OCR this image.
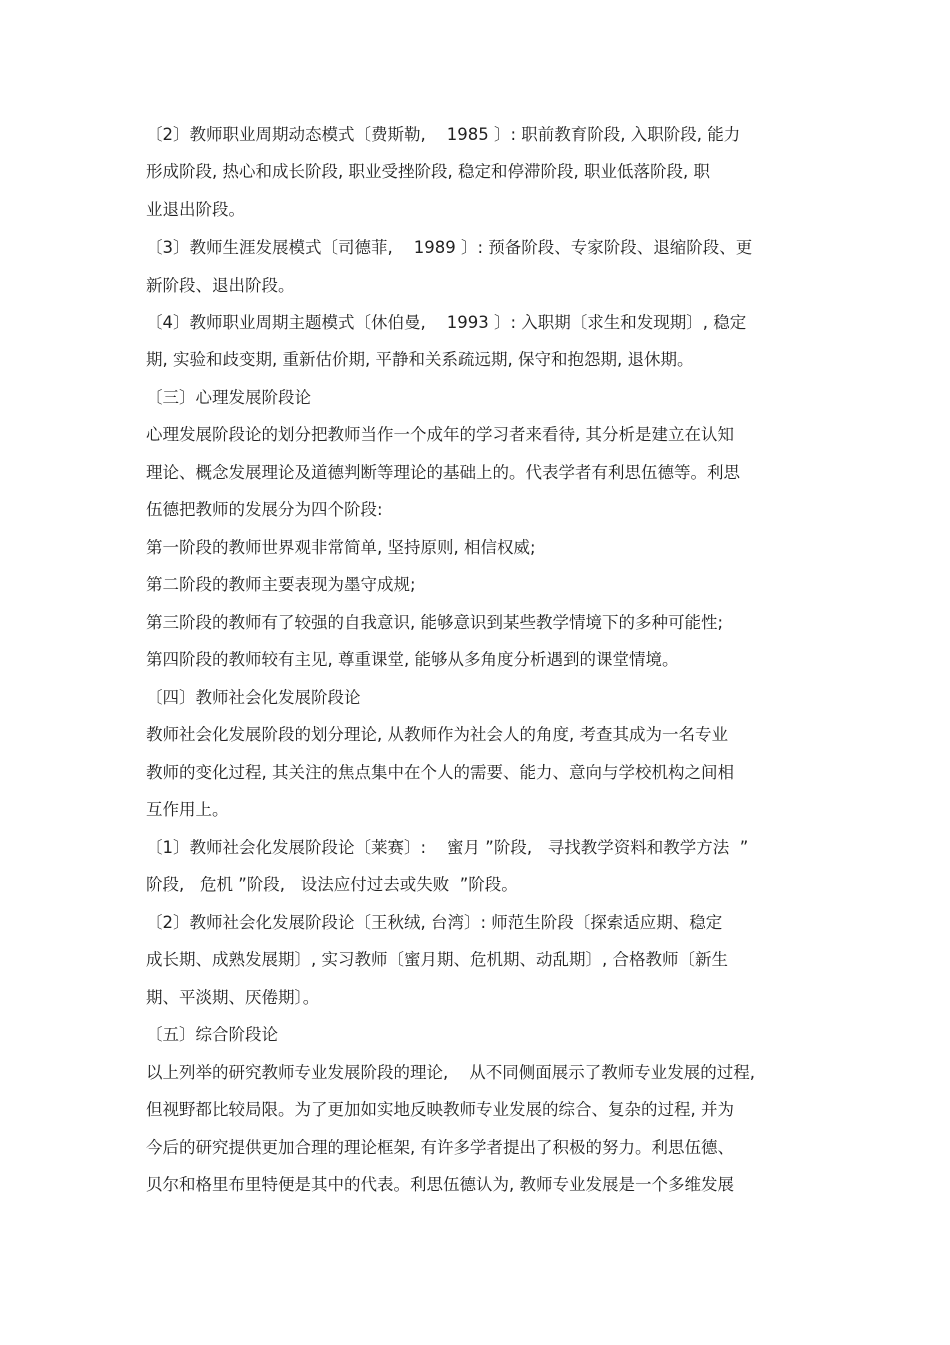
〔2〕教师职业周期动态模式〔费斯勒,    1985 〕: 职前教育阶段, 入职阶段, 能力

形成阶段, 热心和成长阶段, 职业受挫阶段, 稳定和停滞阶段, 职业低落阶段, 职

业退出阶段。

〔3〕教师生涯发展模式〔司德菲,    1989 〕: 预备阶段、专家阶段、退缩阶段、更

新阶段、退出阶段。

〔4〕教师职业周期主题模式〔休伯曼,    1993 〕: 入职期〔求生和发现期〕, 稳定

期, 实验和歧变期, 重新估价期, 平静和关系疏远期, 保守和抱怨期, 退休期。

〔三〕心理发展阶段论

心理发展阶段论的划分把教师当作一个成年的学习者来看待, 其分析是建立在认知

理论、概念发展理论及道德判断等理论的基础上的。代表学者有利思伍德等。利思

伍德把教师的发展分为四个阶段:

第一阶段的教师世界观非常简单, 坚持原则, 相信权威;

第二阶段的教师主要表现为墨守成规;

第三阶段的教师有了较强的自我意识, 能够意识到某些教学情境下的多种可能性;

第四阶段的教师较有主见, 尊重课堂, 能够从多角度分析遇到的课堂情境。

〔四〕教师社会化发展阶段论

教师社会化发展阶段的划分理论, 从教师作为社会人的角度, 考查其成为一名专业

教师的变化过程, 其关注的焦点集中在个人的需要、能力、意向与学校机构之间相

互作用上。

〔1〕教师社会化发展阶段论〔莱赛〕:    蜜月 ”阶段,   寻找教学资料和教学方法  ”

阶段,   危机 ”阶段,   设法应付过去或失败  ”阶段。

〔2〕教师社会化发展阶段论〔王秋绒, 台湾〕: 师范生阶段〔探索适应期、稳定

成长期、成熟发展期〕, 实习教师〔蜜月期、危机期、动乱期〕, 合格教师〔新生

期、平淡期、厌倦期〕。

〔五〕综合阶段论

以上列举的研究教师专业发展阶段的理论,    从不同侧面展示了教师专业发展的过程,

但视野都比较局限。为了更加如实地反映教师专业发展的综合、复杂的过程, 并为

今后的研究提供更加合理的理论框架, 有许多学者提出了积极的努力。利思伍德、

贝尔和格里布里特便是其中的代表。利思伍德认为, 教师专业发展是一个多维发展
